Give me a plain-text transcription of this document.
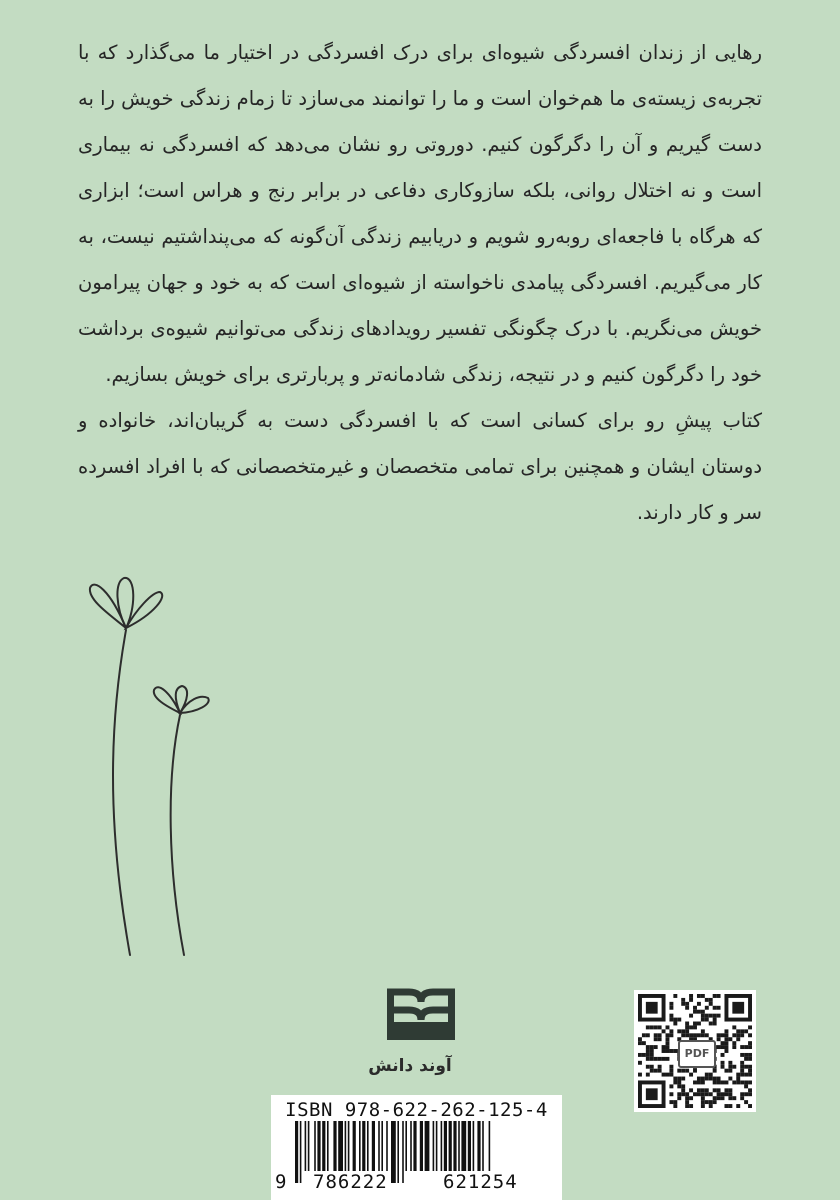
رهایی از زندان افسردگی شیوه‌ای برای درک افسردگی در اختیار ما می‌گذارد که با تجربه‌ی زیسته‌ی ما هم‌خوان است و ما را توانمند می‌سازد تا زمام زندگی خویش را به دست گیریم و آن را دگرگون کنیم. دوروتی رو نشان می‌دهد که افسردگی نه بیماری است و نه اختلال روانی، بلکه سازوکاری دفاعی در برابر رنج و هراس است؛ ابزاری که هرگاه با فاجعه‌ای روبه‌رو شویم و دریابیم زندگی آن‌گونه که می‌پنداشتیم نیست، به کار می‌گیریم. افسردگی پیامدی ناخواسته از شیوه‌ای است که به خود و جهان پیرامون خویش می‌نگریم. با درک چگونگی تفسیر رویدادهای زندگی می‌توانیم شیوه‌ی برداشت خود را دگرگون کنیم و در نتیجه، زندگی شادمانه‌تر و پربارتری برای خویش بسازیم.

کتاب پیشِ رو برای کسانی است که با افسردگی دست به گریبان‌اند، خانواده و دوستان ایشان و همچنین برای تمامی متخصصان و غیرمتخصصانی که با افراد افسرده سر و کار دارند.

آوند دانش
PDF
ISBN 978-622-262-125-4
9 786222	621254
